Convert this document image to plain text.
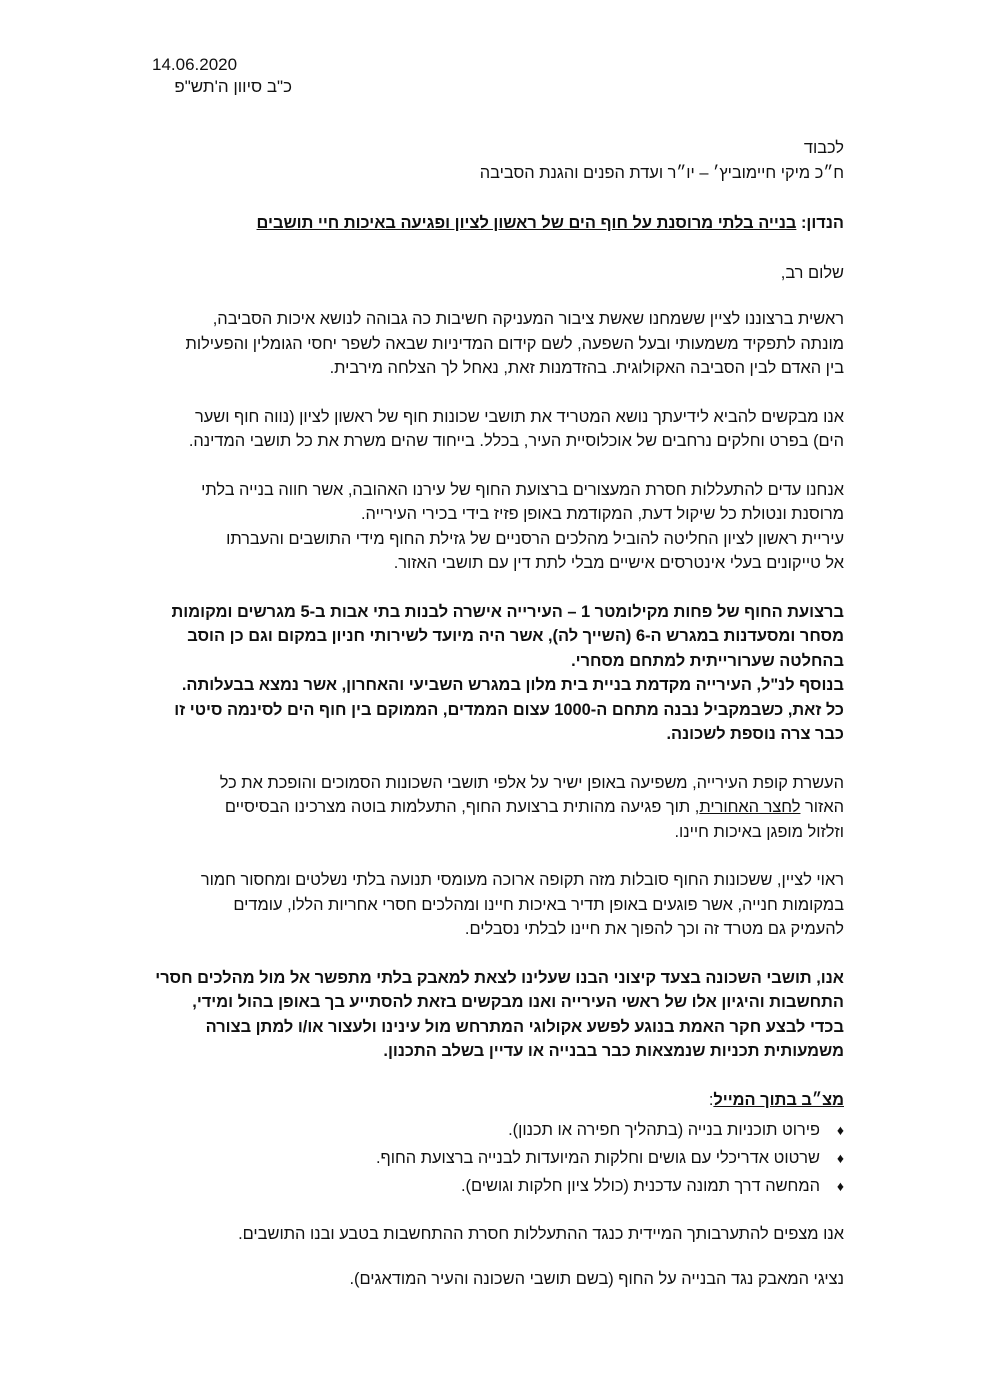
14.06.2020
כ"ב סיוון ה'תש"פ
לכבוד
ח״כ מיקי חיימוביץ׳ – יו״ר ועדת הפנים והגנת הסביבה
הנדון: בנייה בלתי מרוסנת על חוף הים של ראשון לציון ופגיעה באיכות חיי תושבים
שלום רב,
ראשית ברצוננו לציין ששמחנו שאשת ציבור המעניקה חשיבות כה גבוהה לנושא איכות הסביבה,
מונתה לתפקיד משמעותי ובעל השפעה, לשם קידום המדיניות שבאה לשפר יחסי הגומלין והפעילות
בין האדם לבין הסביבה האקולוגית. בהזדמנות זאת, נאחל לך הצלחה מירבית.
אנו מבקשים להביא לידיעתך נושא המטריד את תושבי שכונות חוף של ראשון לציון (נווה חוף ושער
הים) בפרט וחלקים נרחבים של אוכלוסיית העיר, בכלל. בייחוד שהים משרת את כל תושבי המדינה.
אנחנו עדים להתעללות חסרת המעצורים ברצועת החוף של עירנו האהובה, אשר חווה בנייה בלתי
מרוסנת ונטולת כל שיקול דעת, המקודמת באופן פזיז בידי בכירי העירייה.
עיריית ראשון לציון החליטה להוביל מהלכים הרסניים של גזילת החוף מידי התושבים והעברתו
אל טייקונים בעלי אינטרסים אישיים מבלי לתת דין עם תושבי האזור.
ברצועת החוף של פחות מקילומטר 1 – העירייה אישרה לבנות בתי אבות ב-5 מגרשים ומקומות
מסחר ומסעדנות במגרש ה-6 (השייך לה), אשר היה מיועד לשירותי חניון במקום וגם כן הוסב
בהחלטה שערורייתית למתחם מסחרי.
בנוסף לנ"ל, העירייה מקדמת בניית בית מלון במגרש השביעי והאחרון, אשר נמצא בבעלותה.
כל זאת, כשבמקביל נבנה מתחם ה-1000 עצום הממדים, הממוקם בין חוף הים לסינמה סיטי זו
כבר צרה נוספת לשכונה.
העשרת קופת העירייה, משפיעה באופן ישיר על אלפי תושבי השכונות הסמוכים והופכת את כל
האזור לחצר האחורית, תוך פגיעה מהותית ברצועת החוף, התעלמות בוטה מצרכינו הבסיסיים
וזלזול מופגן באיכות חיינו.
ראוי לציין, ששכונות החוף סובלות מזה תקופה ארוכה מעומסי תנועה בלתי נשלטים ומחסור חמור
במקומות חנייה, אשר פוגעים באופן תדיר באיכות חיינו ומהלכים חסרי אחריות הללו, עומדים
להעמיק גם מטרד זה וכך להפוך את חיינו לבלתי נסבלים.
אנו, תושבי השכונה בצעד קיצוני הבנו שעלינו לצאת למאבק בלתי מתפשר אל מול מהלכים חסרי
התחשבות והיגיון אלו של ראשי העירייה ואנו מבקשים בזאת להסתייע בך באופן בהול ומידי,
בכדי לבצע חקר האמת בנוגע לפשע אקולוגי המתרחש מול עינינו ולעצור או/ו למתן בצורה
משמעותית תכניות שנמצאות כבר בבנייה או עדיין בשלב התכנון.
מצ״ב בתוך המייל:
♦
פירוט תוכניות בנייה (בתהליך חפירה או תכנון).
♦
שרטוט אדריכלי עם גושים וחלקות המיועדות לבנייה ברצועת החוף.
♦
המחשה דרך תמונה עדכנית (כולל ציון חלקות וגושים).
אנו מצפים להתערבותך המיידית כנגד ההתעללות חסרת ההתחשבות בטבע ובנו התושבים.
נציגי המאבק נגד הבנייה על החוף (בשם תושבי השכונה והעיר המודאגים).
